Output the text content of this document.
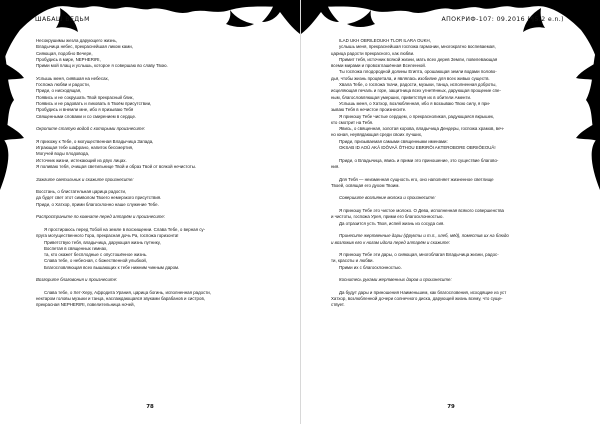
ШАБАШ ВЕДЬМ
Несокрушимы жезла дарующего жизнь,
Владычица небес, прекраснейшая ликом ками,
Сияющая, подобно Вечере,
Пробудись в мире, NEPHERIRI,
Прими мой плащ и услышь, которое я совершаю во славу Твою.
Услышь меня, сиявшая на небесах,
Госпожа любви и радости,
Приди, о нисходящая,
Появись и не сокрушать Твой прекрасный блик,
Появись и не радовать и ликовать в Твоём присутствии,
Пробудись и внемли мне, ибо я призываю Тебя
Священными словами и со смирением в сердце.
Окропите статую водой с которыми произнесите:
Я прихожу к Тебе, о могущественная Владычица Запада,
Играющая тебе шафрано, напиток бессмертия,
Могучей воды плодовода,
Источник жизни, истекающий из двух лицах.
Я поливаю тебя, очищая светильнице Твой и образ Твой от всякой нечистоты.
Зажгите светильник и скажите произнесите:
Восстань, о блистательная царица радости,
да будет свет этот символом Твоего немерзкого присутствия.
Приди, о Хатхор, прими благосклонно наше служение Тебе.
Распространите по комнате перед алтарём и произнесите:
Я простираюсь перед Тобой на земле в восхищении. Слава Тебе, о верная су-
пруга могущественного Гора, прекрасная дочь Ра, госпожа горизонта!
Приветствую тебя, владычица, дарующая жизнь путнику,
Воспетая в священных гимнах,
та, кто окажет бесплодные с опустошённое жизнь.
Слава тебе, о небесная, с божественной улыбкой,
Благословляющая всех вышающих к тебе нижним чинным даром.
Возгорите благовония и произнесите:
Слава тебе, о Хет-Херу, Афродита Урания, царица богинь, исполненная радости,
нектаром головы музыки и танца, наслаждающаяся звуками барабанов и систров,
прекрасная NEPHERIRI, повелительница ночей,
78
АПОКРИФ-107: 09.2016 (¶5.2 e.n.)
ILAD UKH OBRILEOUKH TLOR ILARA OUKH,
услышь меня, прекраснейшая госпожа гармонии, многократно воспеваемая,
царица радости прекрасного, как любви.
Примит тебя, источник всякой жизни, мать всех дерев Земли, повелевающая
всеми мирами и провозглашённая Вселенной.
Ты госпожа плодородной долины Египта, орошающая земли водами полово-
дья, чтобы жизнь процветала, и являлась изобилие для всех живых существ.
Хвала Тебе, о госпожа ткачи, радости, музыки, танца, исполненная доброты,
исцеляющая печаль и горе, защитница всех угнетённых, дарующая прощение спе-
ным, благословляющая умерших, приветствуя их в обители Аменти.
Услышь меня, о Хатхор, возлюбленная, ибо я воззываю Твою силу, я при-
зываю Тебя в нечистое произнесите.
Я приношу Тебе чистые сердцем, о прекрасноликая, радующаяся вкрышек,
кто смотрит на Тебя.
Явись, о священная, золотая корова, владычица Дендеры, госпожа храмов, веч-
но юная, неувядающая среди своих лучших,
Приди, призываемая самыми священными именами:
OKSAB ID AOÛ AKÂ IDÔVAÂ ÖTHOU EBRIRÖI AKTEROBORE OBRIIÔEOUÂ!
Приди, о Владычица, явись и прими это приношение, это существие благово-
ния.
Для Тебя — неизменная сущность его, оно наполняет жизненное светлище
Твоей, освящая его духом Твоим.
Совершите возлияние молока и произнесите:
Я приношу Тебе это чистое молоко. О Дева, исполненная всякого совершенства
и чистоты, госпожа Урея, прими его благосклонностью.
Да отразится усть Твоя, испей жизнь из сосуда сия.
Принесите жертвенные дары (фрукты и т.п., хлеб, мёд), поместив их на блюдо
и возложив его к ногам идола перед алтарём и скажите:
Я приношу Тебе эти дары, о сияющая, многоблагая Владычица жизни, радос-
ти, красоты и любви.
Прими их с благосклонностью.
Коснитесь руками жертвенных даров и произнесите:
Да будут дары и приношения Наименьшем, как благословения, исходящие из уст
Хатхор, возлюбленной дочери солнечного диска, дарующей жизнь всему, что суще-
ствует.
79
